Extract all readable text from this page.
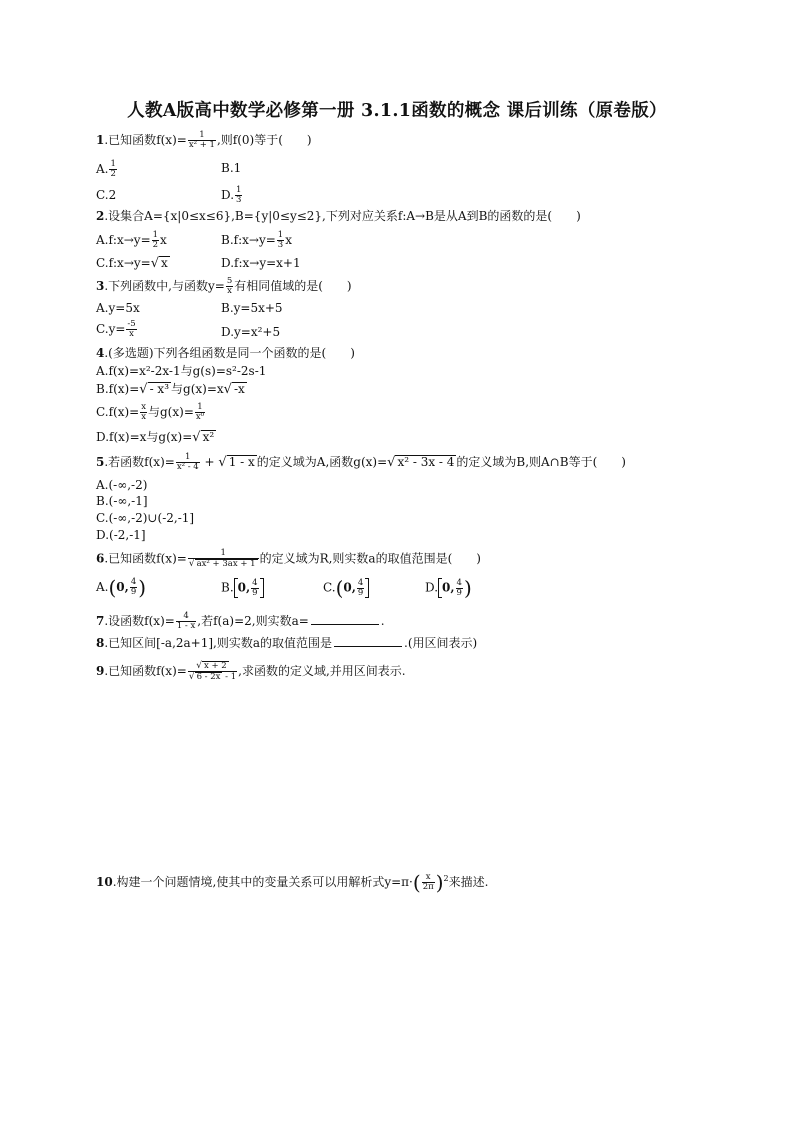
人教A版高中数学必修第一册 3.1.1函数的概念 课后训练（原卷版）
1.已知函数$f(x)= \frac{1}{\text{x² + 1}}$ ,则f(0)等于(　　)
A. $\frac{1}{2}$	B.1
C.2	D. $\frac{1}{3}$
2.设集合A={x|0≤x≤6},B={y|0≤y≤2},下列对应关系f:A→B是从A到B的函数的是(　　)
A.f:x→y= $\frac{1}{2}$ x	B.f:x→y= $\frac{1}{3}$ x
C.f:x→y=√ x	D.f:x→y=x+1
3.下列函数中,与函数$y= \frac{5}{x}$ 有相同值域的是(　　)
A.y=5x	B.y=5x+5
$C.y= \frac{-5}{x}$	D.y=x²+5
4.(多选题)下列各组函数是同一个函数的是(　　)
A.f(x)=x²-2x-1与g(s)=s²-2s-1
B.f(x)=√ - x³ 与g(x)=x√ -x
$C.f(x)= \frac{x}{x}$ 与$g(x)= \frac{1}{\text{x⁰}}$
D.f(x)=x与g(x)=√ x²
5.若函数$f(x)= \frac{1}{\text{x² - 4}}$ + √ 1 - x 的定义域为A,函数g(x)=√ x² - 3x - 4 的定义域为B,则A∩B等于(　　)
A.(-∞,-2)
B.(-∞,-1]
C.(-∞,-2)∪(-2,-1]
D.(-2,-1]
6.已知函数$f(x)= \frac{1}{\text{√ ax² + 3ax + 1}}$ 的定义域为R,则实数a的取值范围是(　　)
A.(0, $\frac{4}{9}$ )	B. 0, $\frac{4}{9}$	C.(0, $\frac{4}{9}$	D. 0, $\frac{4}{9}$ )
7.设函数$f(x)= \frac{4}{1 - x}$ ,若f(a)=2,则实数a=	.
8.已知区间[-a,2a+1],则实数a的取值范围是	.(用区间表示)
9.已知函数$f(x)= \frac{√ x + 2}{√ 6 - 2x - 1}$ ,求函数的定义域,并用区间表示.
10.构建一个问题情境,使其中的变量关系可以用解析式$y=\pi\cdot( \frac{x}{2\pi} )^2$来描述.
